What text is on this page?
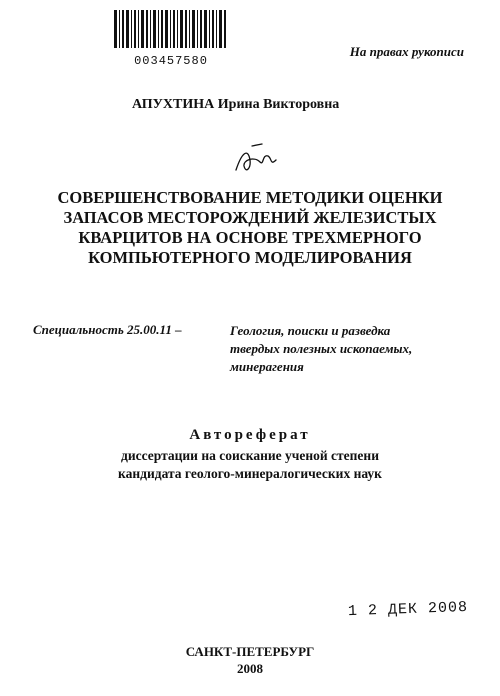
003457580
На правах рукописи
АПУХТИНА Ирина Викторовна
СОВЕРШЕНСТВОВАНИЕ МЕТОДИКИ ОЦЕНКИ
ЗАПАСОВ МЕСТОРОЖДЕНИЙ ЖЕЛЕЗИСТЫХ
КВАРЦИТОВ НА ОСНОВЕ ТРЕХМЕРНОГО
КОМПЬЮТЕРНОГО МОДЕЛИРОВАНИЯ
Специальность 25.00.11 –	Геология, поиски и разведка
твердых полезных ископаемых,
минерагения
Автореферат
диссертации на соискание ученой степени
кандидата геолого-минералогических наук
1 2 ДЕК 2008
САНКТ-ПЕТЕРБУРГ
2008
